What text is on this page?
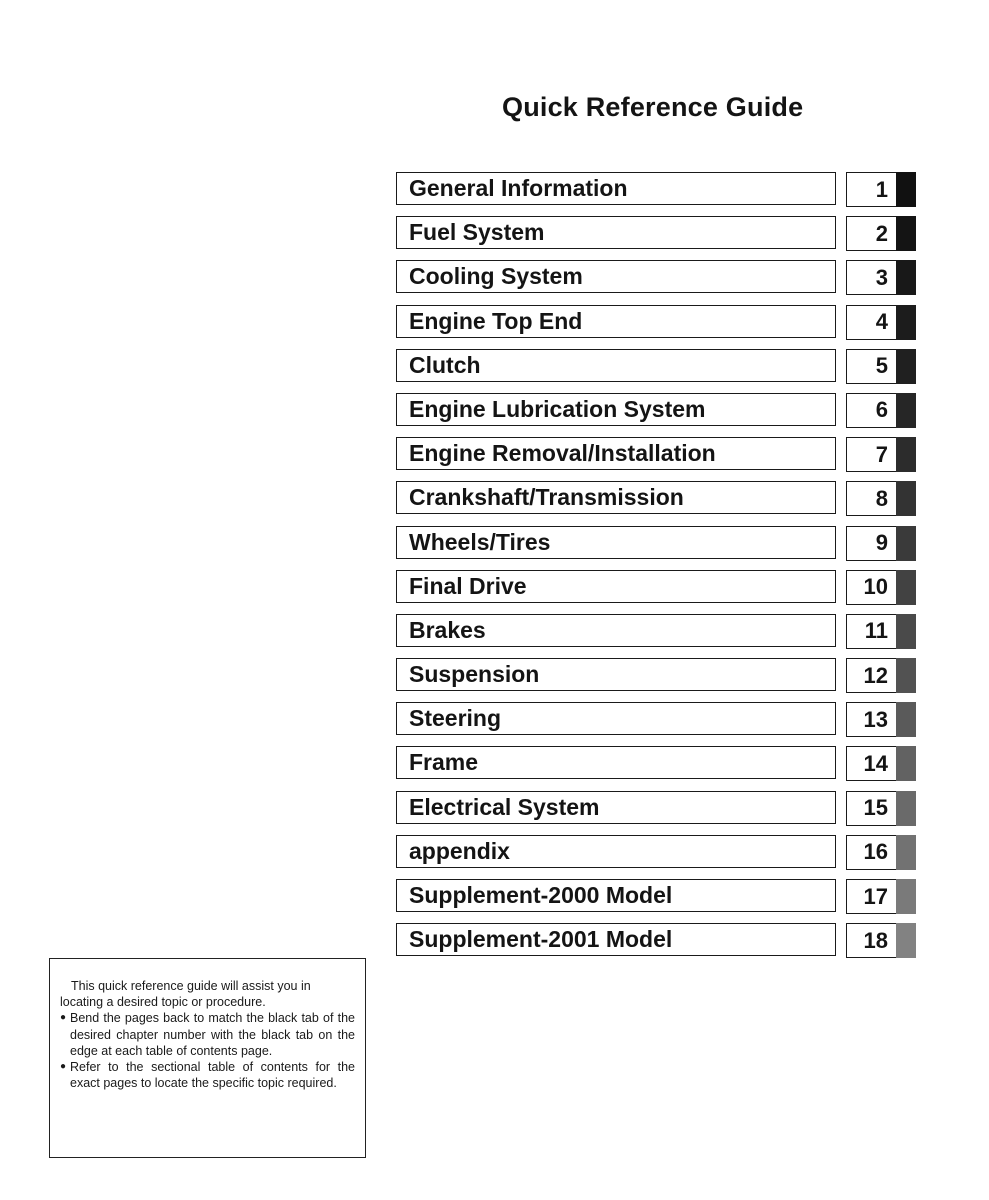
Quick Reference Guide
General Information	1
Fuel System	2
Cooling System	3
Engine Top End	4
Clutch	5
Engine Lubrication System	6
Engine Removal/Installation	7
Crankshaft/Transmission	8
Wheels/Tires	9
Final Drive	10
Brakes	11
Suspension	12
Steering	13
Frame	14
Electrical System	15
appendix	16
Supplement-2000 Model	17
Supplement-2001 Model	18

This quick reference guide will assist you in locating a desired topic or procedure.

● Bend the pages back to match the black tab of the desired chapter number with the black tab on the edge at each table of contents page.

● Refer to the sectional table of contents for the exact pages to locate the specific topic required.
